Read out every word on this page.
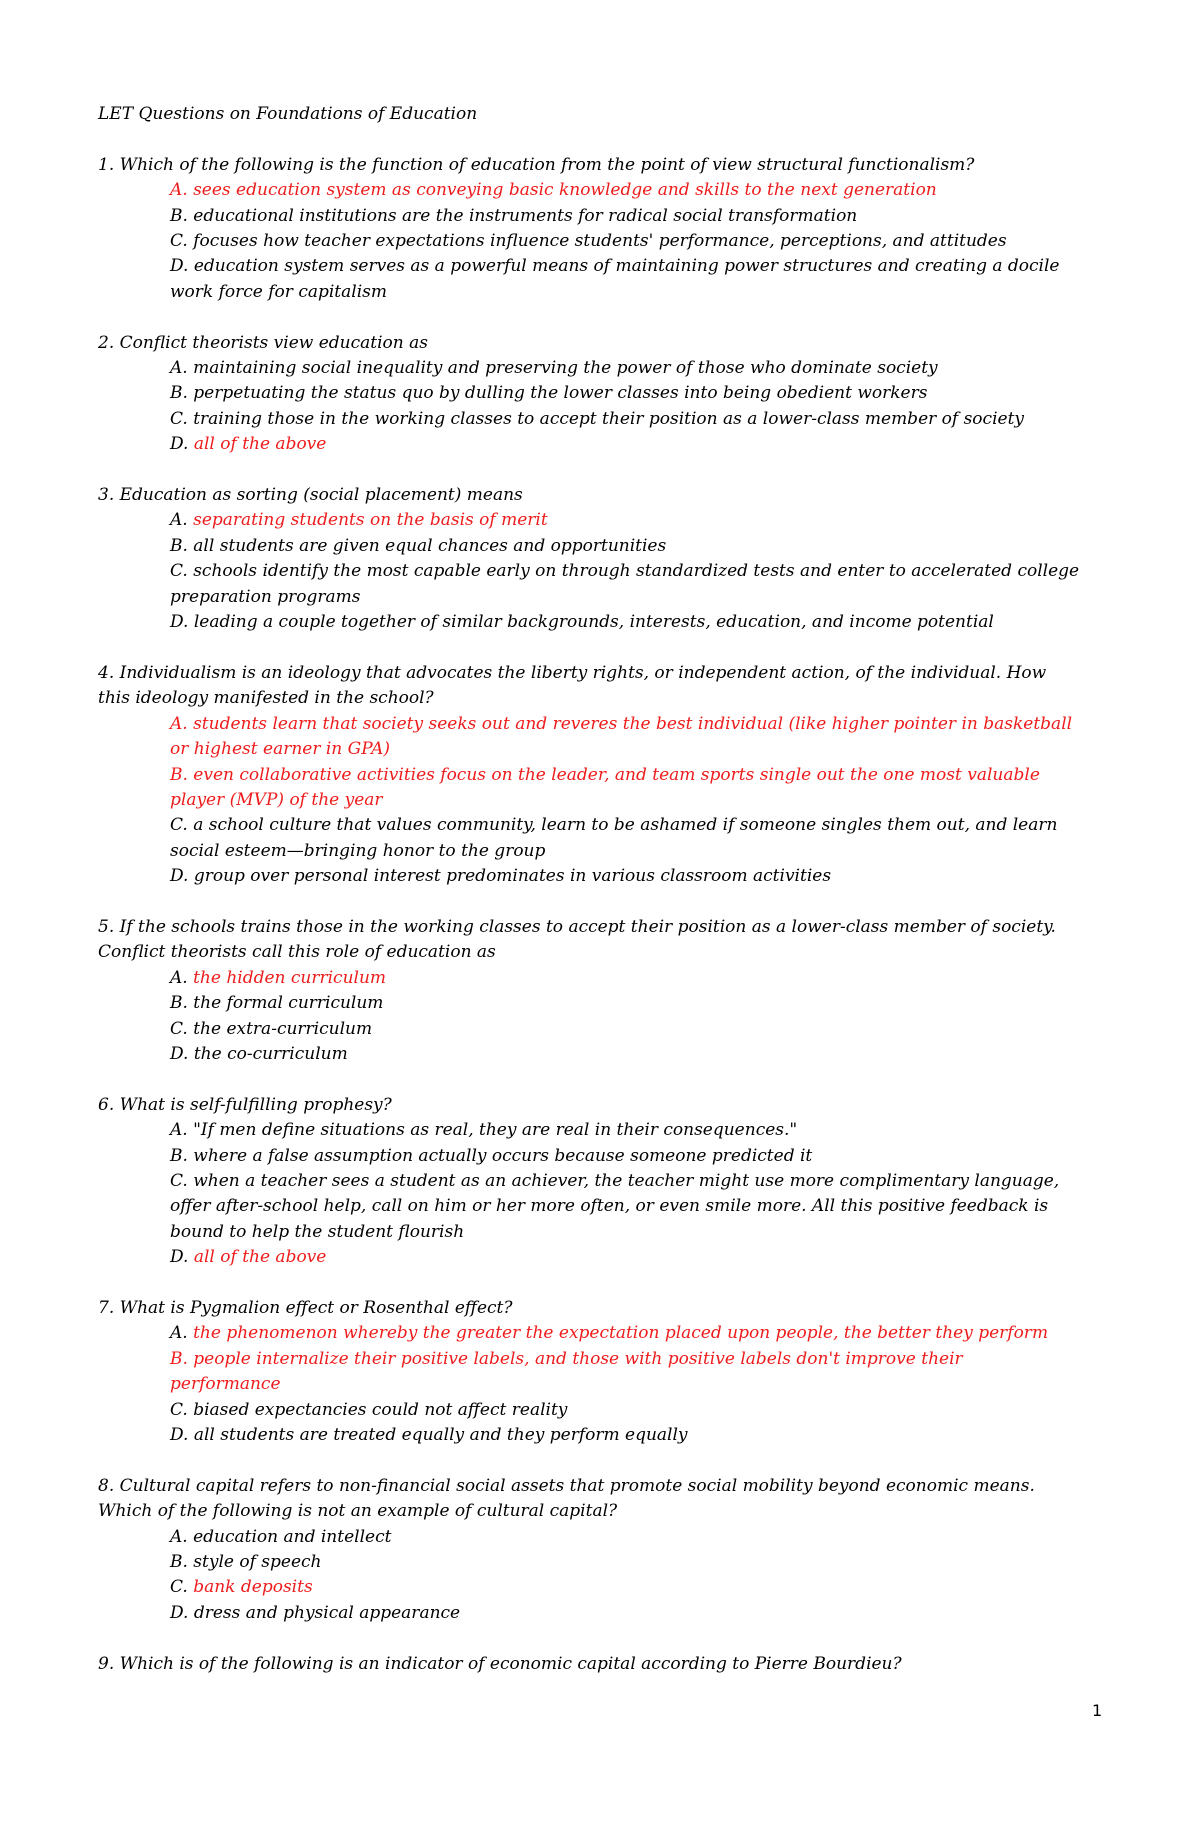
LET Questions on Foundations of Education
1. Which of the following is the function of education from the point of view structural functionalism?
A. sees education system as conveying basic knowledge and skills to the next generation
B. educational institutions are the instruments for radical social transformation
C. focuses how teacher expectations influence students' performance, perceptions, and attitudes
D. education system serves as a powerful means of maintaining power structures and creating a docile
work force for capitalism
2. Conflict theorists view education as
A. maintaining social inequality and preserving the power of those who dominate society
B. perpetuating the status quo by dulling the lower classes into being obedient workers
C. training those in the working classes to accept their position as a lower-class member of society
D. all of the above
3. Education as sorting (social placement) means
A. separating students on the basis of merit
B. all students are given equal chances and opportunities
C. schools identify the most capable early on through standardized tests and enter to accelerated college
preparation programs
D. leading a couple together of similar backgrounds, interests, education, and income potential
4. Individualism is an ideology that advocates the liberty rights, or independent action, of the individual. How
this ideology manifested in the school?
A. students learn that society seeks out and reveres the best individual (like higher pointer in basketball
or highest earner in GPA)
B. even collaborative activities focus on the leader, and team sports single out the one most valuable
player (MVP) of the year
C. a school culture that values community, learn to be ashamed if someone singles them out, and learn
social esteem—bringing honor to the group
D. group over personal interest predominates in various classroom activities
5. If the schools trains those in the working classes to accept their position as a lower-class member of society.
Conflict theorists call this role of education as
A. the hidden curriculum
B. the formal curriculum
C. the extra-curriculum
D. the co-curriculum
6. What is self-fulfilling prophesy?
A. "If men define situations as real, they are real in their consequences."
B. where a false assumption actually occurs because someone predicted it
C. when a teacher sees a student as an achiever, the teacher might use more complimentary language,
offer after-school help, call on him or her more often, or even smile more. All this positive feedback is
bound to help the student flourish
D. all of the above
7. What is Pygmalion effect or Rosenthal effect?
A. the phenomenon whereby the greater the expectation placed upon people, the better they perform
B. people internalize their positive labels, and those with positive labels don't improve their
performance
C. biased expectancies could not affect reality
D. all students are treated equally and they perform equally
8. Cultural capital refers to non-financial social assets that promote social mobility beyond economic means.
Which of the following is not an example of cultural capital?
A. education and intellect
B. style of speech
C. bank deposits
D. dress and physical appearance
9. Which is of the following is an indicator of economic capital according to Pierre Bourdieu?
1
